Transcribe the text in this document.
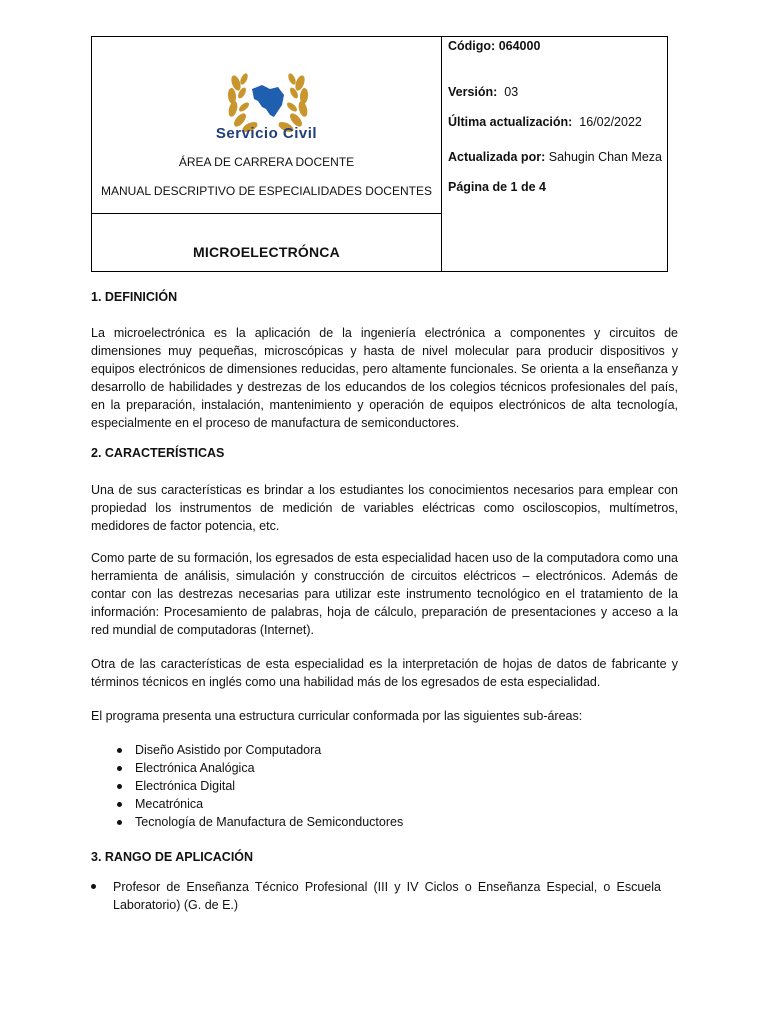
Servicio Civil
ÁREA DE CARRERA DOCENTE
MANUAL DESCRIPTIVO DE ESPECIALIDADES DOCENTES
MICROELECTRÓNCA
Código: 064000
Versión: 03
Última actualización: 16/02/2022
Actualizada por: Sahugin Chan Meza
Página de 1 de 4
1. DEFINICIÓN
La microelectrónica es la aplicación de la ingeniería electrónica a componentes y circuitos de dimensiones muy pequeñas, microscópicas y hasta de nivel molecular para producir dispositivos y equipos electrónicos de dimensiones reducidas, pero altamente funcionales. Se orienta a la enseñanza y desarrollo de habilidades y destrezas de los educandos de los colegios técnicos profesionales del país, en la preparación, instalación, mantenimiento y operación de equipos electrónicos de alta tecnología, especialmente en el proceso de manufactura de semiconductores.
2. CARACTERÍSTICAS
Una de sus características es brindar a los estudiantes los conocimientos necesarios para emplear con propiedad los instrumentos de medición de variables eléctricas como osciloscopios, multímetros, medidores de factor potencia, etc.
Como parte de su formación, los egresados de esta especialidad hacen uso de la computadora como una herramienta de análisis, simulación y construcción de circuitos eléctricos – electrónicos. Además de contar con las destrezas necesarias para utilizar este instrumento tecnológico en el tratamiento de la información: Procesamiento de palabras, hoja de cálculo, preparación de presentaciones y acceso a la red mundial de computadoras (Internet).
Otra de las características de esta especialidad es la interpretación de hojas de datos de fabricante y términos técnicos en inglés como una habilidad más de los egresados de esta especialidad.
El programa presenta una estructura curricular conformada por las siguientes sub-áreas:
Diseño Asistido por Computadora
Electrónica Analógica
Electrónica Digital
Mecatrónica
Tecnología de Manufactura de Semiconductores
3. RANGO DE APLICACIÓN
Profesor de Enseñanza Técnico Profesional (III y IV Ciclos o Enseñanza Especial, o Escuela Laboratorio) (G. de E.)
